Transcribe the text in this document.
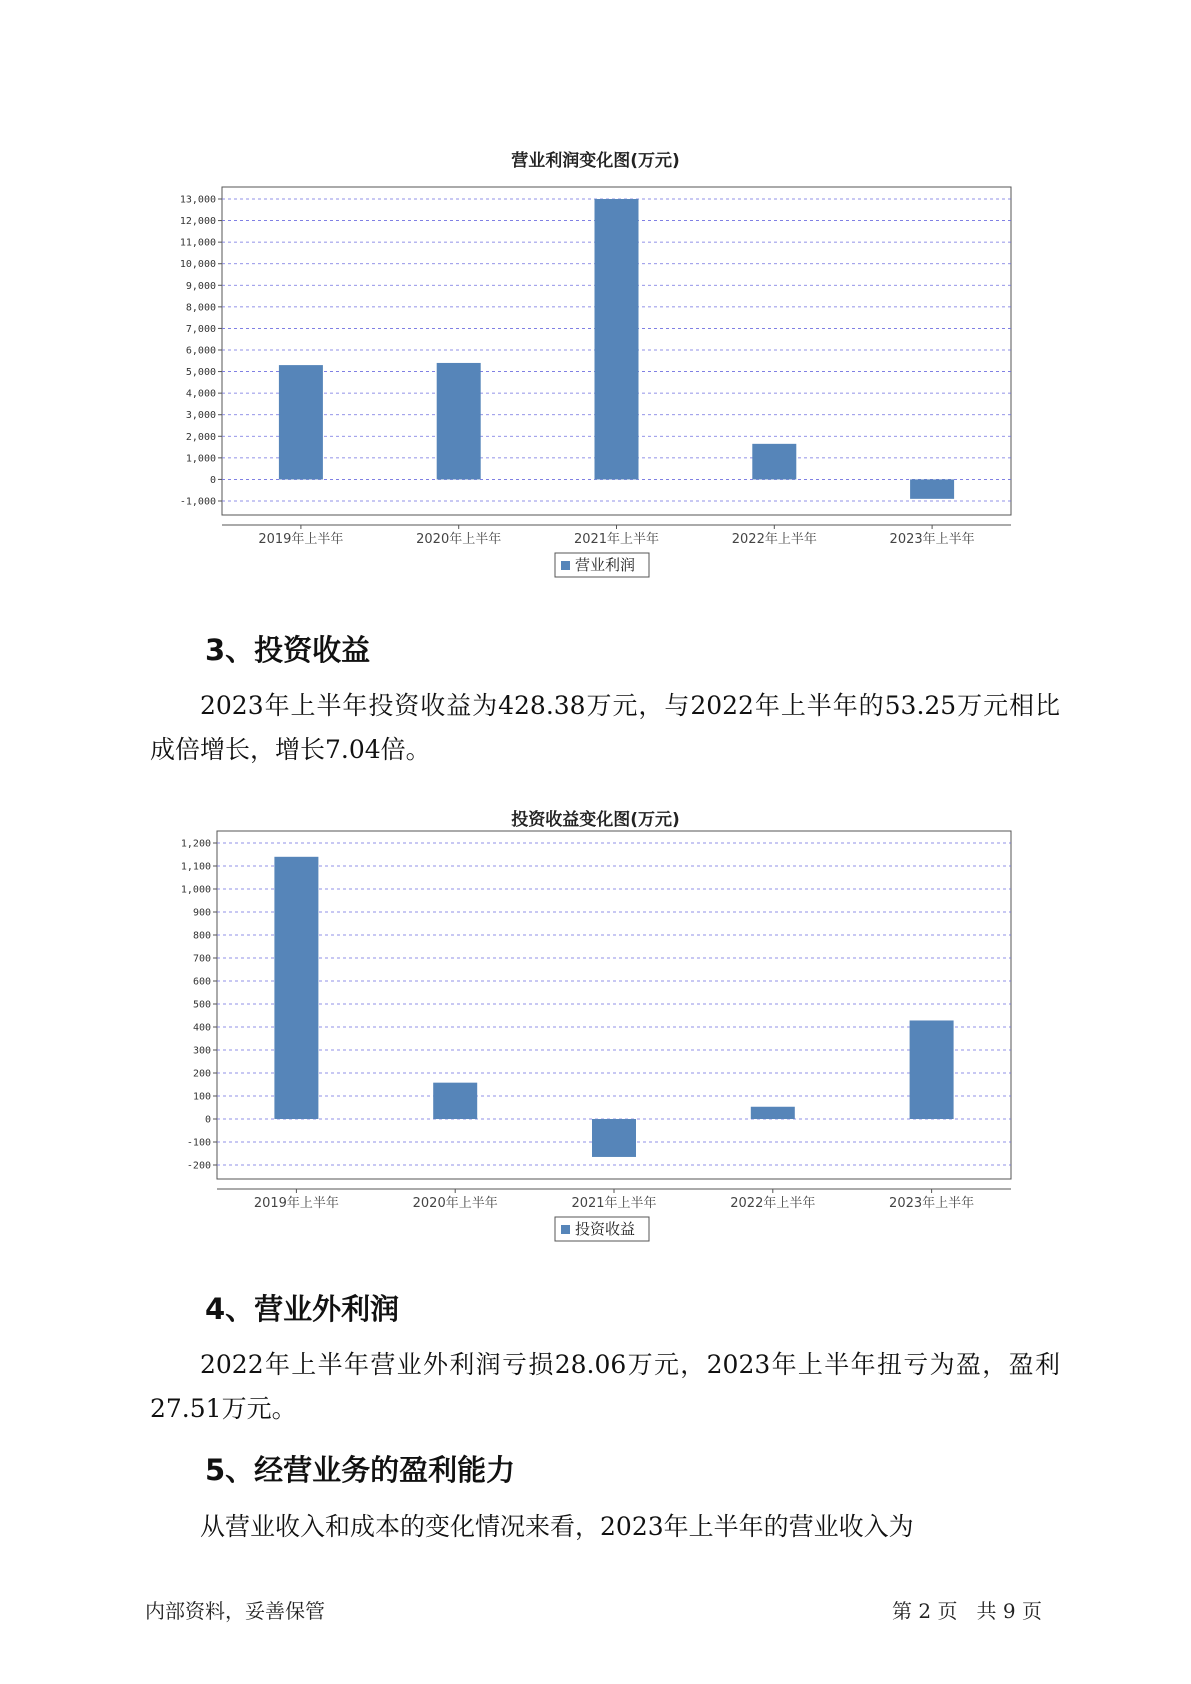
营业利润变化图(万元)
13,000
12,000
11,000
10,000
9,000
8,000
7,000
6,000
5,000
4,000
3,000
2,000
1,000
0
-1,000
2019年上半年	2020年上半年	2021年上半年	2022年上半年	2023年上半年
营业利润
3、投资收益
2023年上半年投资收益为428.38万元，与2022年上半年的53.25万元相比成倍增长，增长7.04倍。
投资收益变化图(万元)
1,200
1,100
1,000
900
800
700
600
500
400
300
200
100
0
-100
-200
2019年上半年	2020年上半年	2021年上半年	2022年上半年	2023年上半年
投资收益
4、营业外利润
2022年上半年营业外利润亏损28.06万元，2023年上半年扭亏为盈，盈利27.51万元。
5、经营业务的盈利能力
从营业收入和成本的变化情况来看，2023年上半年的营业收入为
内部资料，妥善保管	第 2 页   共 9 页
